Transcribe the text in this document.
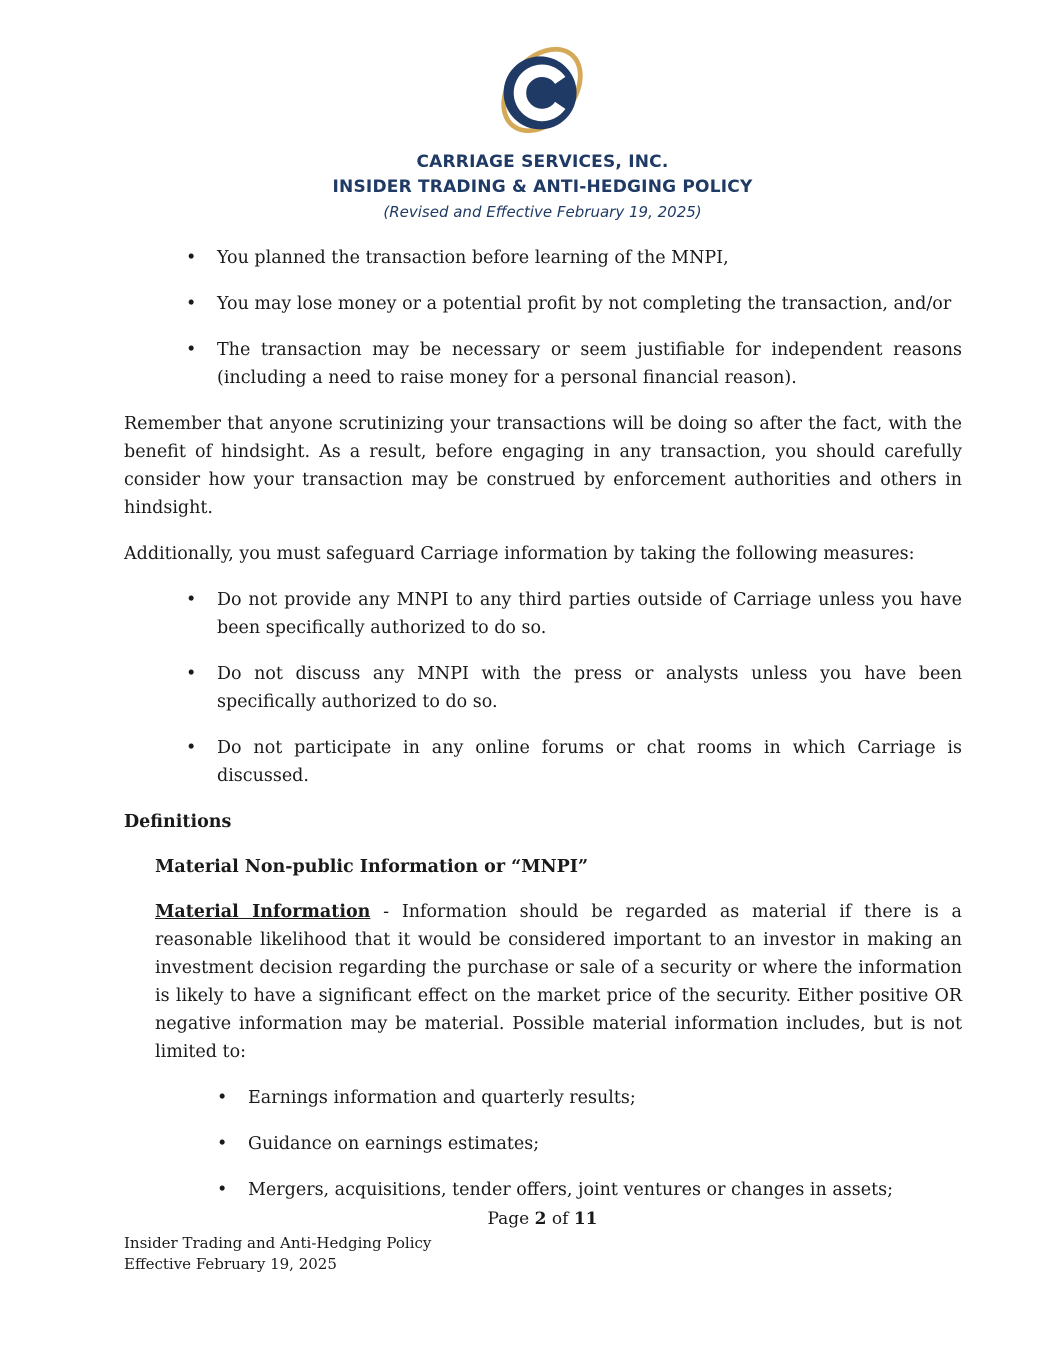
CARRIAGE SERVICES, INC.
INSIDER TRADING & ANTI-HEDGING POLICY
(Revised and Effective February 19, 2025)
• You planned the transaction before learning of the MNPI,
• You may lose money or a potential profit by not completing the transaction, and/or
• The transaction may be necessary or seem justifiable for independent reasons (including a need to raise money for a personal financial reason).

Remember that anyone scrutinizing your transactions will be doing so after the fact, with the benefit of hindsight. As a result, before engaging in any transaction, you should carefully consider how your transaction may be construed by enforcement authorities and others in hindsight.

Additionally, you must safeguard Carriage information by taking the following measures:

• Do not provide any MNPI to any third parties outside of Carriage unless you have been specifically authorized to do so.
• Do not discuss any MNPI with the press or analysts unless you have been specifically authorized to do so.
• Do not participate in any online forums or chat rooms in which Carriage is discussed.
Definitions
Material Non-public Information or “MNPI”

Material Information - Information should be regarded as material if there is a reasonable likelihood that it would be considered important to an investor in making an investment decision regarding the purchase or sale of a security or where the information is likely to have a significant effect on the market price of the security. Either positive OR negative information may be material. Possible material information includes, but is not limited to:

• Earnings information and quarterly results;
• Guidance on earnings estimates;
• Mergers, acquisitions, tender offers, joint ventures or changes in assets;
Page 2 of 11
Insider Trading and Anti-Hedging Policy
Effective February 19, 2025
